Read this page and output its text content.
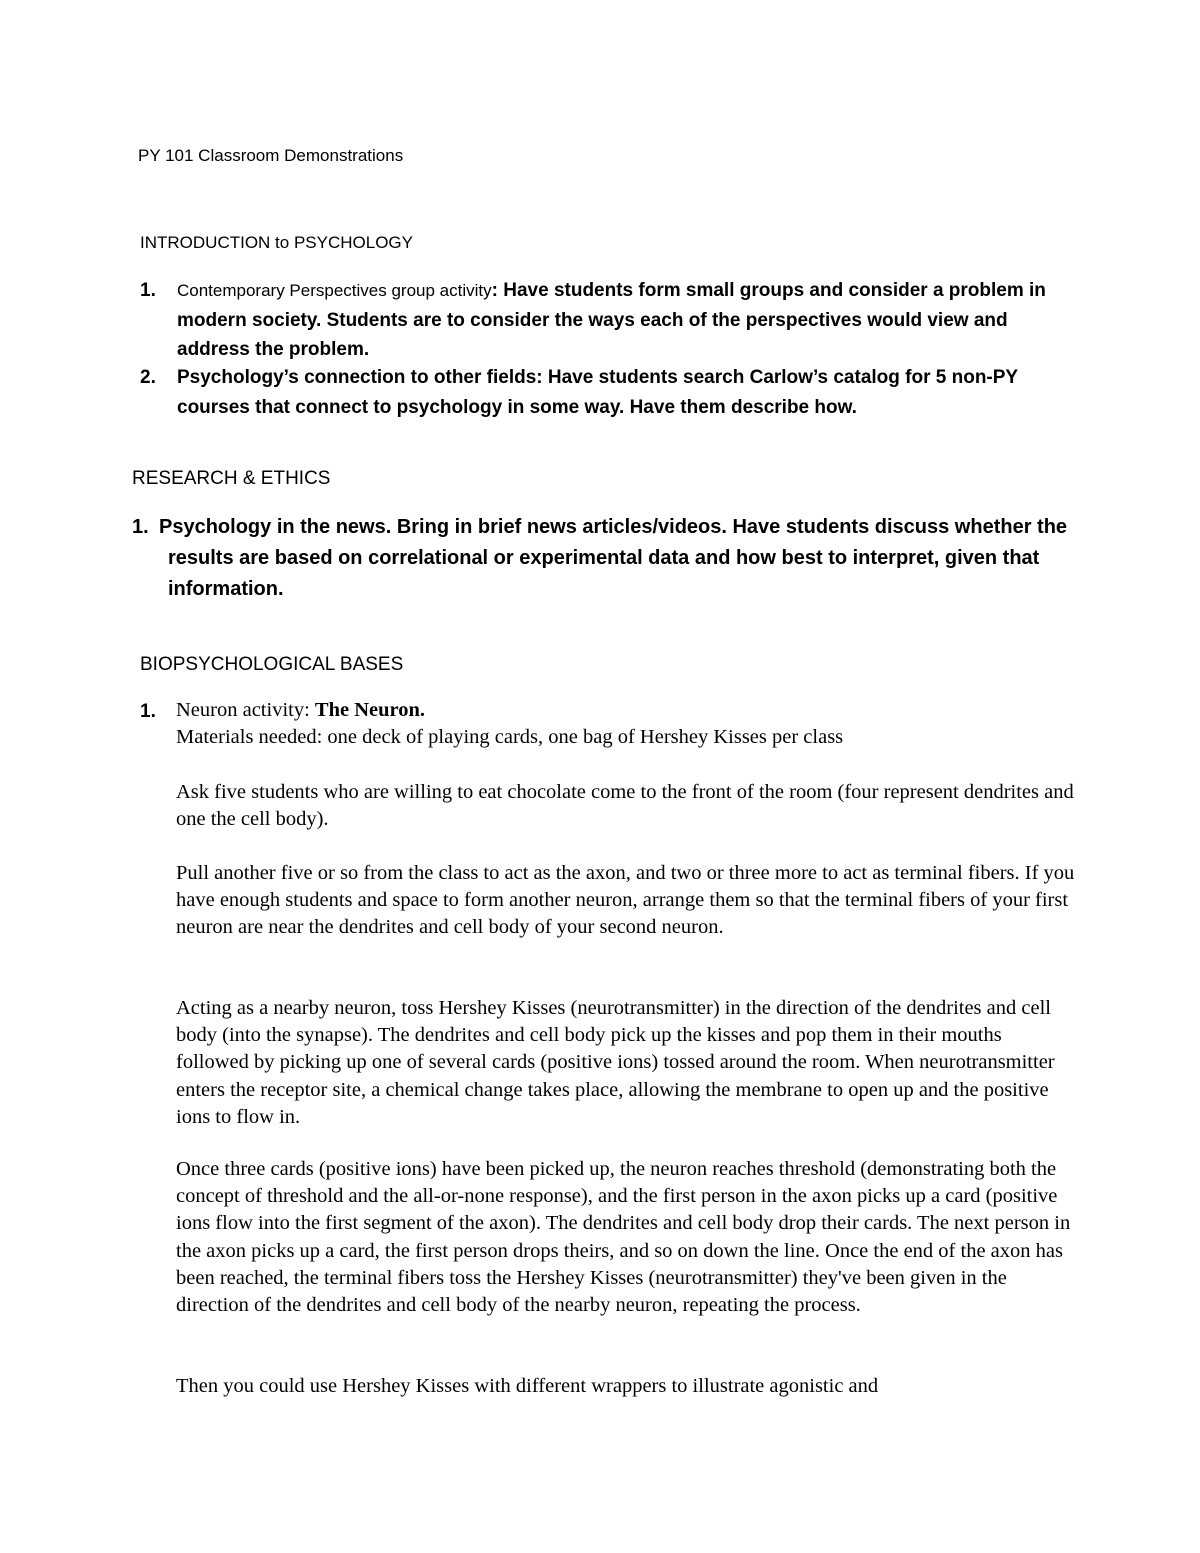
PY 101 Classroom Demonstrations
INTRODUCTION to PSYCHOLOGY
1.	Contemporary Perspectives group activity: Have students form small groups and consider a problem in modern society. Students are to consider the ways each of the perspectives would view and address the problem.
2.	Psychology’s connection to other fields: Have students search Carlow’s catalog for 5 non-PY courses that connect to psychology in some way. Have them describe how.
RESEARCH & ETHICS
1. Psychology in the news. Bring in brief news articles/videos. Have students discuss whether the results are based on correlational or experimental data and how best to interpret, given that information.
BIOPSYCHOLOGICAL BASES
1. Neuron activity: The Neuron.
Materials needed: one deck of playing cards, one bag of Hershey Kisses per class

Ask five students who are willing to eat chocolate come to the front of the room (four represent dendrites and one the cell body).

Pull another five or so from the class to act as the axon, and two or three more to act as terminal fibers. If you have enough students and space to form another neuron, arrange them so that the terminal fibers of your first neuron are near the dendrites and cell body of your second neuron.

Acting as a nearby neuron, toss Hershey Kisses (neurotransmitter) in the direction of the dendrites and cell body (into the synapse). The dendrites and cell body pick up the kisses and pop them in their mouths followed by picking up one of several cards (positive ions) tossed around the room. When neurotransmitter enters the receptor site, a chemical change takes place, allowing the membrane to open up and the positive ions to flow in.

Once three cards (positive ions) have been picked up, the neuron reaches threshold (demonstrating both the concept of threshold and the all-or-none response), and the first person in the axon picks up a card (positive ions flow into the first segment of the axon). The dendrites and cell body drop their cards. The next person in the axon picks up a card, the first person drops theirs, and so on down the line. Once the end of the axon has been reached, the terminal fibers toss the Hershey Kisses (neurotransmitter) they've been given in the direction of the dendrites and cell body of the nearby neuron, repeating the process.

Then you could use Hershey Kisses with different wrappers to illustrate agonistic and
